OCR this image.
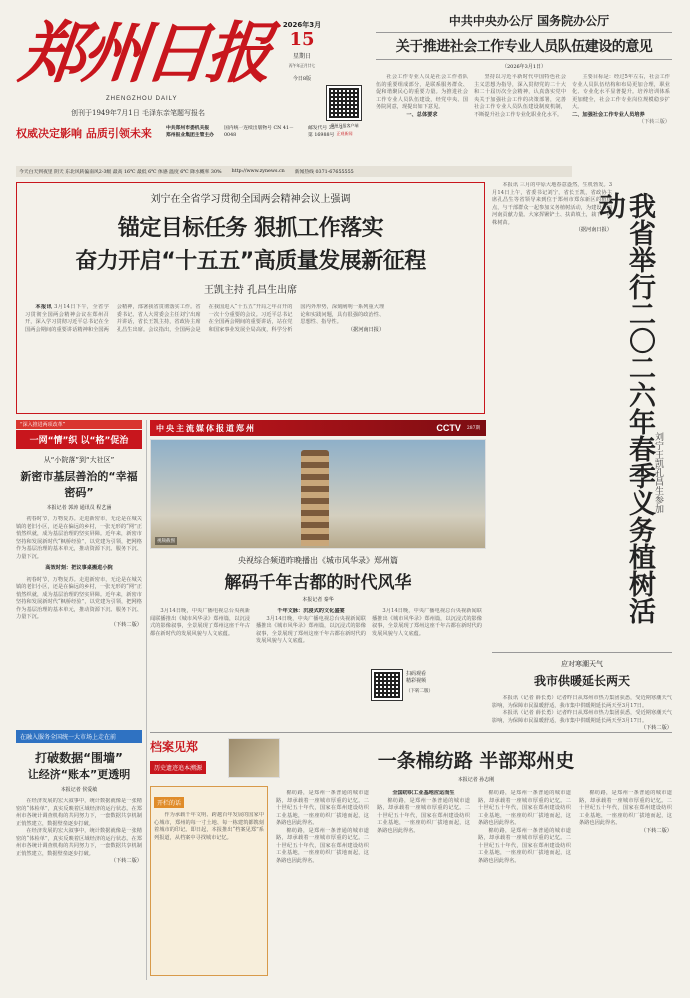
郑州日报
ZHENGZHOU DAILY
创刊于1949年7月1日 毛泽东亲笔题写报名
权威决定影响 品质引领未来	中共郑州市委机关报
郑州报业集团主管主办
国内统一连续出版物号 CN 41－0048
邮发代号 35－3
第 16988号
2026年3月
15
星期日
丙午年正月廿七
今日8版
郑州日报客户端
正观新闻
今天白天到夜里 阴天 东北风转偏南风2-3级 最高 16℃ 最低 6℃ 体感 温度 6℃ 降水概率 30% http://www.zynews.cn 新闻热线 0371-67655555
中共中央办公厅 国务院办公厅
关于推进社会工作专业人员队伍建设的意见
（2026年3月1日）

社会工作专业人员是社会工作者队伍的重要组成部分，是联系服务群众、促和谐聚民心的重要力量。为推进社会工作专业人员队伍建设，经党中央、国务院同意，现提出如下意见。

一、总体要求

坚持以习近平新时代中国特色社会主义思想为指导，深入贯彻党的二十大和二十届历次全会精神，认真落实党中央关于加强社会工作的决策部署，完善社会工作专业人员队伍建设制度机制，不断提升社会工作专业化职业化水平。

主要目标是：经过5年左右，社会工作专业人员队伍结构和布局更加合理，职业化、专业化水平显著提升。培养培训体系更加健全，社会工作专业岗位规模稳步扩大。

二、加强社会工作专业人员培养

（下转三版）

刘宁在全省学习贯彻全国两会精神会议上强调
锚定目标任务 狠抓工作落实
奋力开启“十五五”高质量发展新征程
王凯主持 孔昌生出席

本报讯 3月14日下午，全省学习贯彻全国两会精神会议在郑州召开，深入学习贯彻习近平总书记在全国两会期间的重要讲话精神和全国两会精神，部署我省贯彻落实工作。省委书记、省人大常委会主任刘宁出席并讲话，省长王凯主持，省政协主席孔昌生出席。会议指出，全国两会是在我国进入“十五五”开局之年召开的一次十分重要的会议。习近平总书记在全国两会期间的重要讲话，站在党和国家事业发展全局高度，科学分析国内外形势，深刻阐明一系列重大理论和实践问题，具有很强的政治性、思想性、指导性。

（据河南日报）

本报讯 三月的中原大地春意盎然，生机勃发。3月14日上午，省委书记刘宁，省长王凯，省政协主席孔昌生等省领导来到位于郑州市郑东新区的植树点，与干部群众一起参加义务植树活动，为建设美丽河南贡献力量。大家挥锹铲土、扶苗填土，栽下一株株树苗。

（据河南日报） 我省举行二〇二六年春季义务植树活动
刘宁王凯孔昌生参加
“深入推进两项改革”
一网“情”织 以“格”促治
从“小院落”到“大社区”
新密市基层善治的“幸福密码”
本报记者 郭涛 通讯员 程艺涵

初春时节，万物复苏。走进新密市，无论是在城关镇的老旧小区，还是在偏远的乡村，一张无形的“网”正悄然织就，成为基层治理的坚实屏障。近年来，新密市坚持和发展新时代“枫桥经验”，以党建为引领，把网格作为基层治理的基本单元，推动资源下沉、服务下沉、力量下沉。

高效时刻：把议事桌搬进小院

初春时节，万物复苏。走进新密市，无论是在城关镇的老旧小区，还是在偏远的乡村，一张无形的“网”正悄然织就，成为基层治理的坚实屏障。近年来，新密市坚持和发展新时代“枫桥经验”，以党建为引领，把网格作为基层治理的基本单元，推动资源下沉、服务下沉、力量下沉。

（下转二版）

在融入服务全国统一大市场上走在前
打破数据“围墙”
让经济“账本”更透明
本报记者 侯爱敏

在经济发展的宏大叙事中，统计数据就像是一张精密的“体检单”，真实反映着区域经济的运行状态。在郑州市各统计调查机构的共同努力下，一套数据共享机制正悄然建立，数据壁垒逐步打破。

在经济发展的宏大叙事中，统计数据就像是一张精密的“体检单”，真实反映着区域经济的运行状态。在郑州市各统计调查机构的共同努力下，一套数据共享机制正悄然建立，数据壁垒逐步打破。

（下转二版）

中央主流媒体报道郑州	CCTV 287期
视频截图
央视综合频道昨晚播出《城市风华录》郑州篇
解码千年古都的时代风华
本报记者 秦华

3月14日晚，中央广播电视总台央视新闻联播推出《城市风华录》郑州篇，以沉浸式的影像叙事，全景展现了郑州这座千年古都在新时代的发展风貌与人文底蕴。

千年文脉：沉浸式的文化盛宴

3月14日晚，中央广播电视总台央视新闻联播推出《城市风华录》郑州篇，以沉浸式的影像叙事，全景展现了郑州这座千年古都在新时代的发展风貌与人文底蕴。

3月14日晚，中央广播电视总台央视新闻联播推出《城市风华录》郑州篇，以沉浸式的影像叙事，全景展现了郑州这座千年古都在新时代的发展风貌与人文底蕴。

扫码观看
精彩视频
（下转二版）
应对寒潮天气
我市供暖延长两天

本报讯（记者 薛长勇）记者昨日从郑州市热力集团获悉，受近期寒潮天气影响，为保障市民温暖舒适，我市集中供暖期延长两天至3月17日。

本报讯（记者 薛长勇）记者昨日从郑州市热力集团获悉，受近期寒潮天气影响，为保障市民温暖舒适，我市集中供暖期延长两天至3月17日。

（下转二版）

档案见郑
历史遗迹追本溯源	一条棉纺路 半部郑州史
本报记者 孙志刚
开栏的话

作为承载千年文明、跨越百年发展的国家中心城市，郑州的每一寸土地、每一栋建筑都镌刻着城市的印记。即日起，本报推出“档案见郑”系列报道，从档案中寻找城市记忆。

棉纺路，是郑州一条普通的城市道路，却承载着一座城市厚重的记忆。二十世纪五十年代，国家在郑州建设纺织工业基地，一座座纺织厂拔地而起，这条路也因此得名。

棉纺路，是郑州一条普通的城市道路，却承载着一座城市厚重的记忆。二十世纪五十年代，国家在郑州建设纺织工业基地，一座座纺织厂拔地而起，这条路也因此得名。

全国纺织工业基地应运而生

棉纺路，是郑州一条普通的城市道路，却承载着一座城市厚重的记忆。二十世纪五十年代，国家在郑州建设纺织工业基地，一座座纺织厂拔地而起，这条路也因此得名。

棉纺路，是郑州一条普通的城市道路，却承载着一座城市厚重的记忆。二十世纪五十年代，国家在郑州建设纺织工业基地，一座座纺织厂拔地而起，这条路也因此得名。

棉纺路，是郑州一条普通的城市道路，却承载着一座城市厚重的记忆。二十世纪五十年代，国家在郑州建设纺织工业基地，一座座纺织厂拔地而起，这条路也因此得名。

棉纺路，是郑州一条普通的城市道路，却承载着一座城市厚重的记忆。二十世纪五十年代，国家在郑州建设纺织工业基地，一座座纺织厂拔地而起，这条路也因此得名。

（下转二版）
